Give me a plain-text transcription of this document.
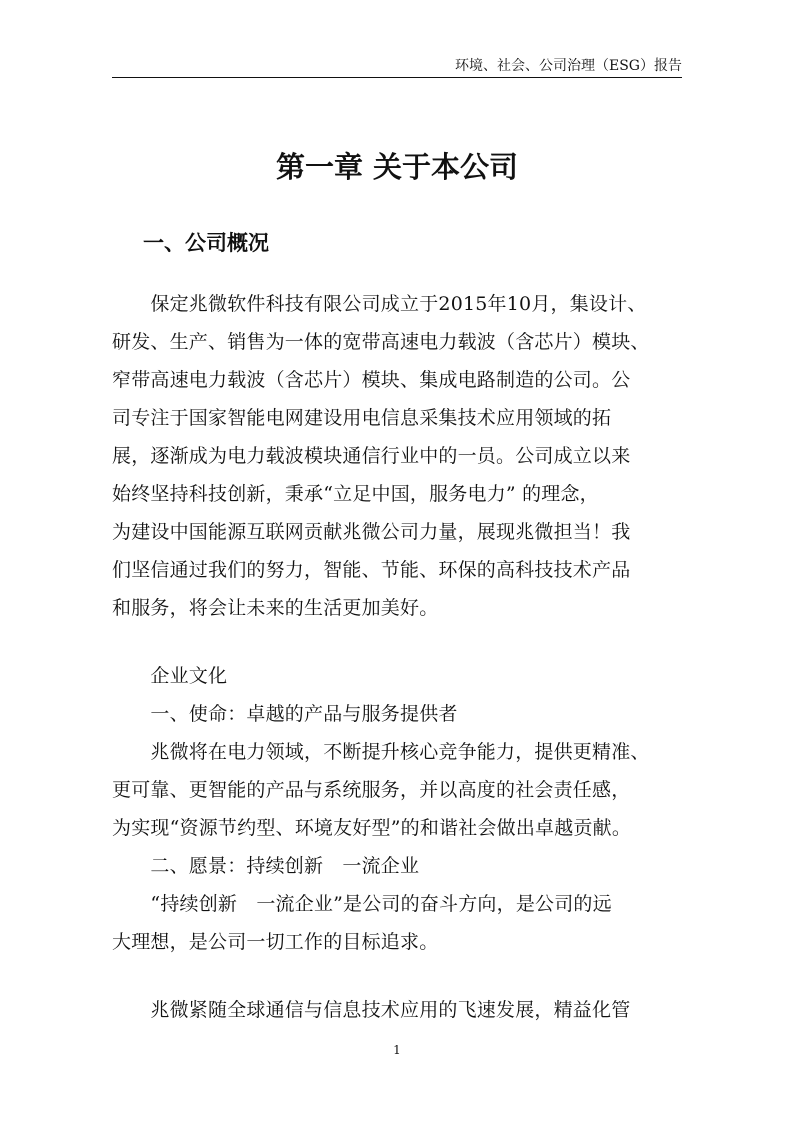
环境、社会、公司治理（ESG）报告
第一章 关于本公司
一、公司概况
　　保定兆微软件科技有限公司成立于2015年10月，集设计、
研发、生产、销售为一体的宽带高速电力载波（含芯片）模块、
窄带高速电力载波（含芯片）模块、集成电路制造的公司。公
司专注于国家智能电网建设用电信息采集技术应用领域的拓
展，逐渐成为电力载波模块通信行业中的一员。公司成立以来
始终坚持科技创新，秉承“立足中国，服务电力” 的理念，
为建设中国能源互联网贡献兆微公司力量，展现兆微担当！我
们坚信通过我们的努力，智能、节能、环保的高科技技术产品
和服务，将会让未来的生活更加美好。
　　企业文化
　　一、使命：卓越的产品与服务提供者
　　兆微将在电力领域，不断提升核心竞争能力，提供更精准、
更可靠、更智能的产品与系统服务，并以高度的社会责任感，
为实现“资源节约型、环境友好型”的和谐社会做出卓越贡献。
　　二、愿景：持续创新　一流企业
　　“持续创新　一流企业”是公司的奋斗方向，是公司的远
大理想，是公司一切工作的目标追求。
　　兆微紧随全球通信与信息技术应用的飞速发展，精益化管
1
